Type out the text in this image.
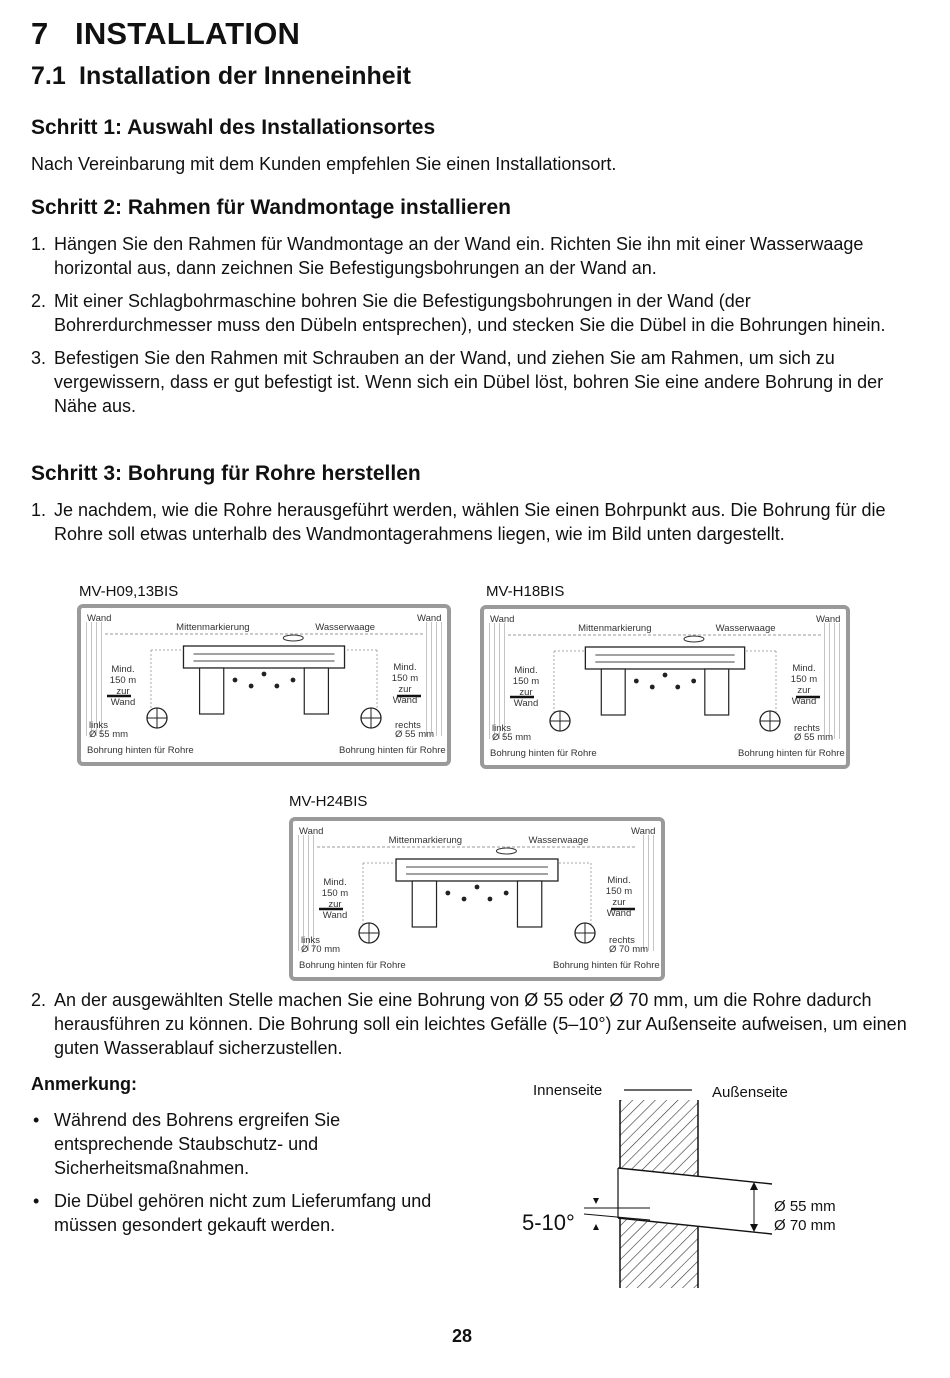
7 INSTALLATION
7.1 Installation der Inneneinheit
Schritt 1: Auswahl des Installationsortes

Nach Vereinbarung mit dem Kunden empfehlen Sie einen Installationsort.

Schritt 2: Rahmen für Wandmontage installieren
1. Hängen Sie den Rahmen für Wandmontage an der Wand ein. Richten Sie ihn mit einer Wasserwaage horizontal aus, dann zeichnen Sie Befestigungsbohrungen an der Wand an.
2. Mit einer Schlagbohrmaschine bohren Sie die Befestigungsbohrungen in der Wand (der Bohrerdurchmesser muss den Dübeln entsprechen), und stecken Sie die Dübel in die Bohrungen hinein.
3. Befestigen Sie den Rahmen mit Schrauben an der Wand, und ziehen Sie am Rahmen, um sich zu vergewissern, dass er gut befestigt ist. Wenn sich ein Dübel löst, bohren Sie eine andere Bohrung in der Nähe aus.
Schritt 3: Bohrung für Rohre herstellen
1. Je nachdem, wie die Rohre herausgeführt werden, wählen Sie einen Bohrpunkt aus. Die Bohrung für die Rohre soll etwas unterhalb des Wandmontagerahmens liegen, wie im Bild unten dargestellt.
MV-H09,13BIS	MV-H18BIS
MV-H24BIS
Wand	Wand
Mittenmarkierung	Wasserwaage
Mind.
150 m
zur
Wand
Mind.
150 m
zur
Wand
links
Ø 55 mm
rechts
Ø 55 mm
Bohrung hinten für Rohre	Bohrung hinten für Rohre
Wand	Wand
Mittenmarkierung	Wasserwaage
Mind.
150 m
zur
Wand
Mind.
150 m
zur
Wand
links
Ø 55 mm
rechts
Ø 55 mm
Bohrung hinten für Rohre	Bohrung hinten für Rohre
Wand	Wand
Mittenmarkierung	Wasserwaage
Mind.
150 m
zur
Wand
Mind.
150 m
zur
Wand
links
Ø 70 mm
rechts
Ø 70 mm
Bohrung hinten für Rohre	Bohrung hinten für Rohre
2. An der ausgewählten Stelle machen Sie eine Bohrung von Ø 55 oder Ø 70 mm, um die Rohre dadurch herausführen zu können. Die Bohrung soll ein leichtes Gefälle (5–10°) zur Außenseite aufweisen, um einen guten Wasserablauf sicherzustellen.
Anmerkung:
• Während des Bohrens ergreifen Sie entsprechende Staubschutz- und Sicherheitsmaßnahmen.
• Die Dübel gehören nicht zum Lieferumfang und müssen gesondert gekauft werden.
Innenseite	Außenseite
5-10°
Ø 55 mm
Ø 70 mm
28
